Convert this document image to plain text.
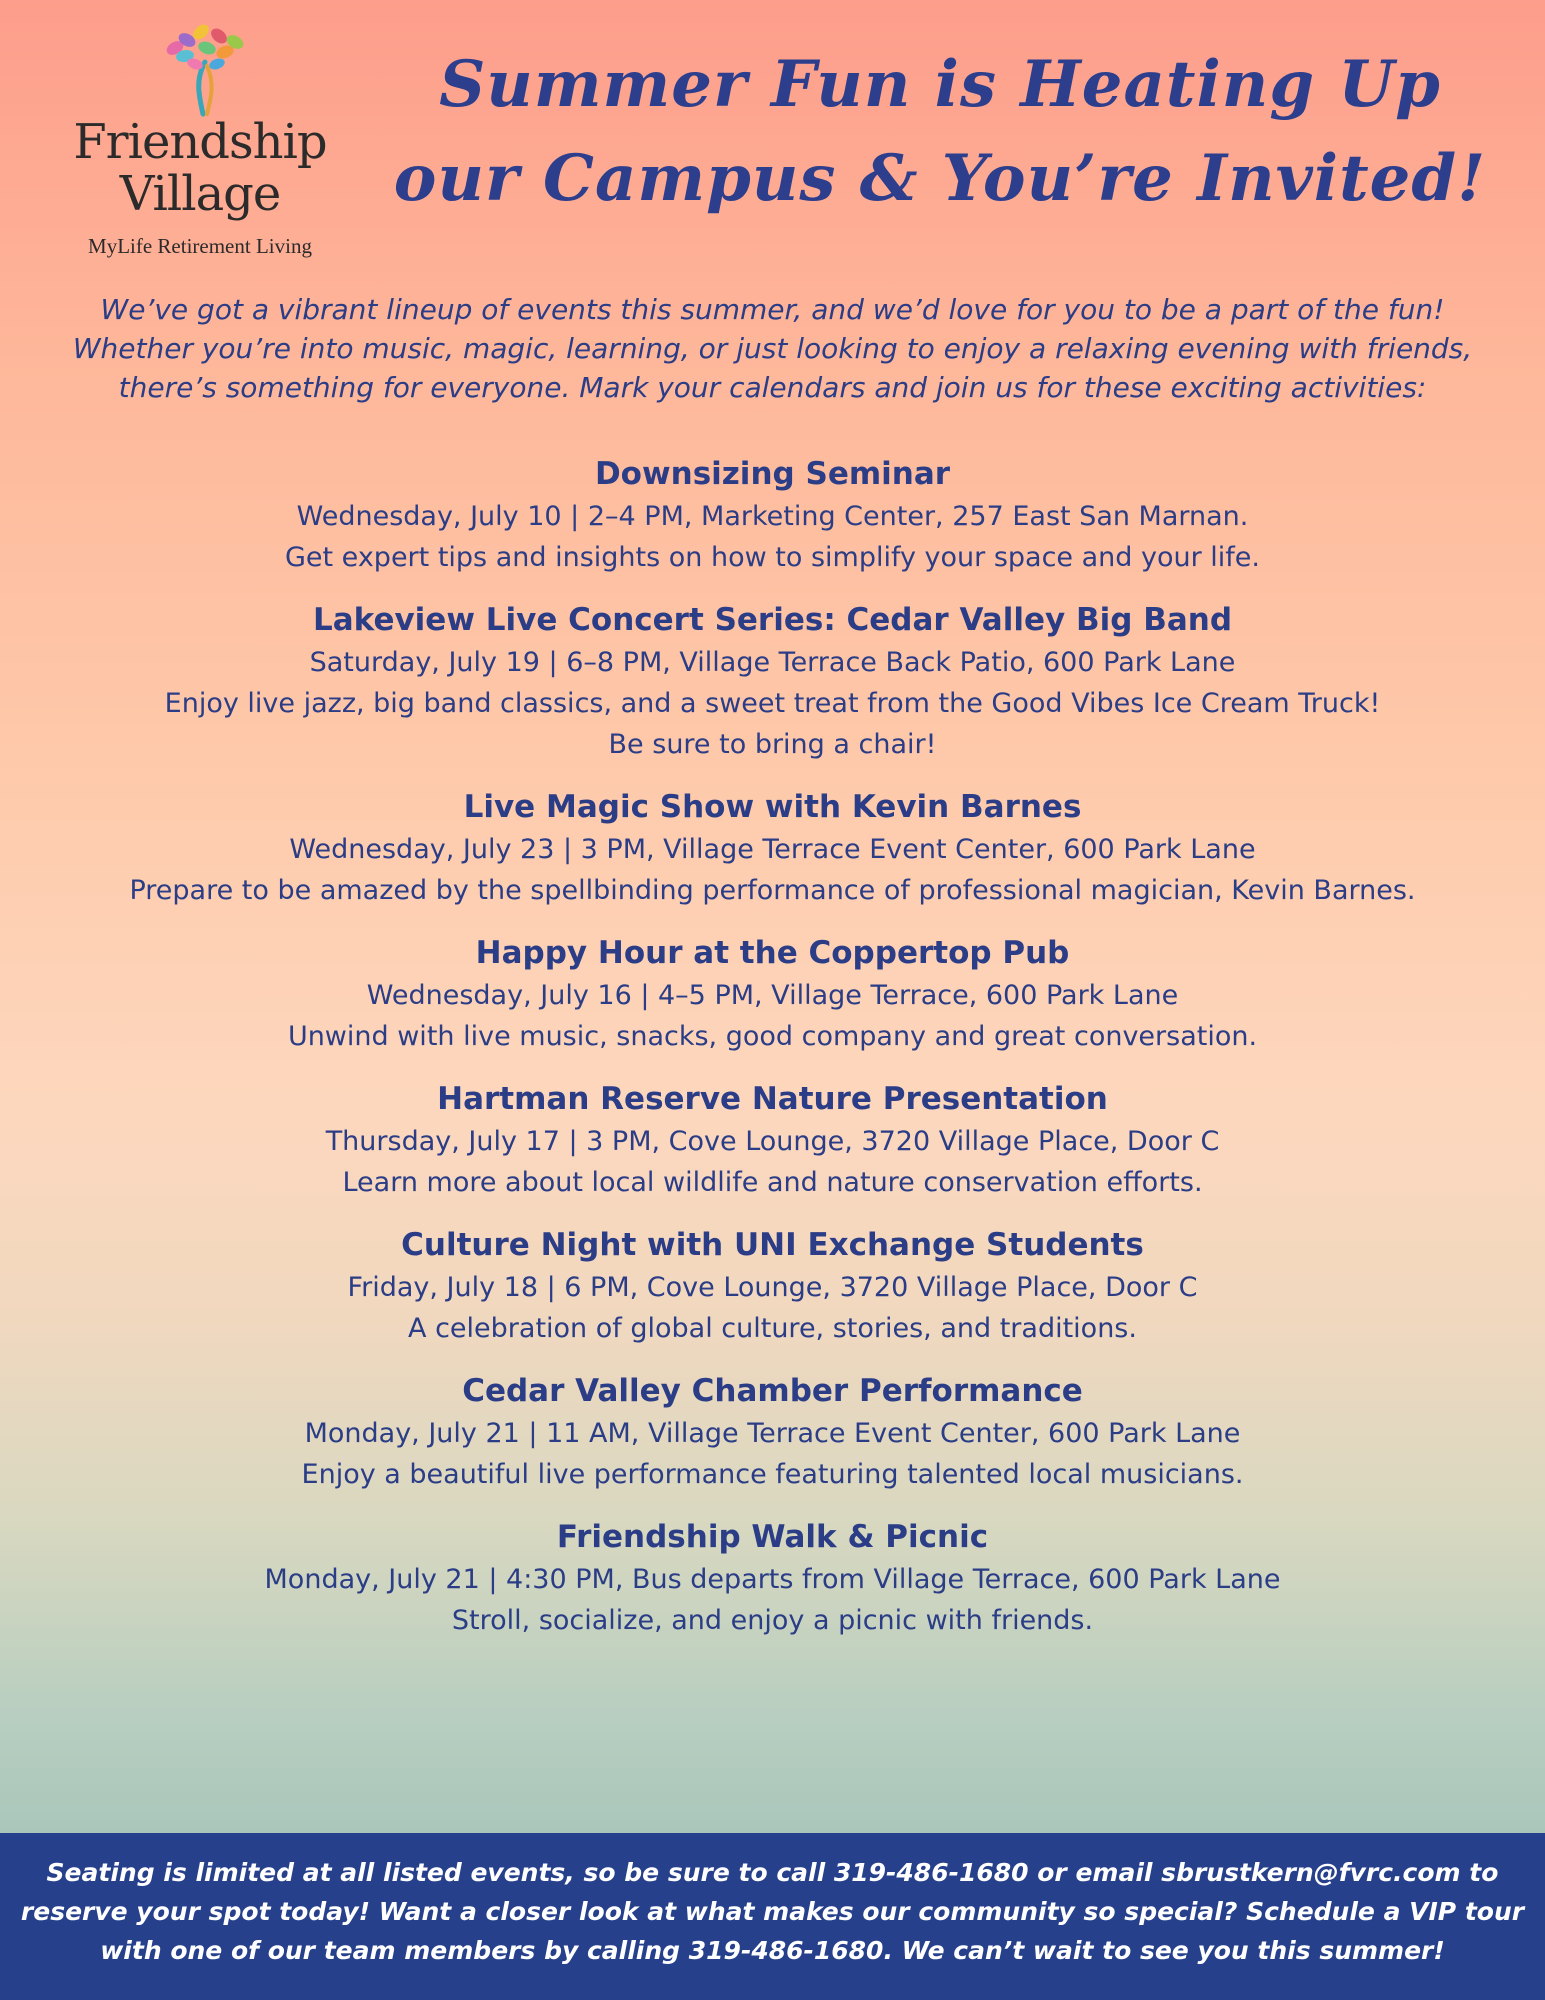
Friendship
Village
MyLife Retirement Living
Summer Fun is Heating Up
our Campus & You’re Invited!
We’ve got a vibrant lineup of events this summer, and we’d love for you to be a part of the fun!
Whether you’re into music, magic, learning, or just looking to enjoy a relaxing evening with friends,
there’s something for everyone. Mark your calendars and join us for these exciting activities:
Downsizing Seminar
Wednesday, July 10 | 2–4 PM, Marketing Center, 257 East San Marnan.
Get expert tips and insights on how to simplify your space and your life.
Lakeview Live Concert Series: Cedar Valley Big Band
Saturday, July 19 | 6–8 PM, Village Terrace Back Patio, 600 Park Lane
Enjoy live jazz, big band classics, and a sweet treat from the Good Vibes Ice Cream Truck!
Be sure to bring a chair!
Live Magic Show with Kevin Barnes
Wednesday, July 23 | 3 PM, Village Terrace Event Center, 600 Park Lane
Prepare to be amazed by the spellbinding performance of professional magician, Kevin Barnes.
Happy Hour at the Coppertop Pub
Wednesday, July 16 | 4–5 PM, Village Terrace, 600 Park Lane
Unwind with live music, snacks, good company and great conversation.
Hartman Reserve Nature Presentation
Thursday, July 17 | 3 PM, Cove Lounge, 3720 Village Place, Door C
Learn more about local wildlife and nature conservation efforts.
Culture Night with UNI Exchange Students
Friday, July 18 | 6 PM, Cove Lounge, 3720 Village Place, Door C
A celebration of global culture, stories, and traditions.
Cedar Valley Chamber Performance
Monday, July 21 | 11 AM, Village Terrace Event Center, 600 Park Lane
Enjoy a beautiful live performance featuring talented local musicians.
Friendship Walk & Picnic
Monday, July 21 | 4:30 PM, Bus departs from Village Terrace, 600 Park Lane
Stroll, socialize, and enjoy a picnic with friends.
Seating is limited at all listed events, so be sure to call 319-486-1680 or email sbrustkern@fvrc.com to
reserve your spot today! Want a closer look at what makes our community so special? Schedule a VIP tour
with one of our team members by calling 319-486-1680. We can’t wait to see you this summer!
